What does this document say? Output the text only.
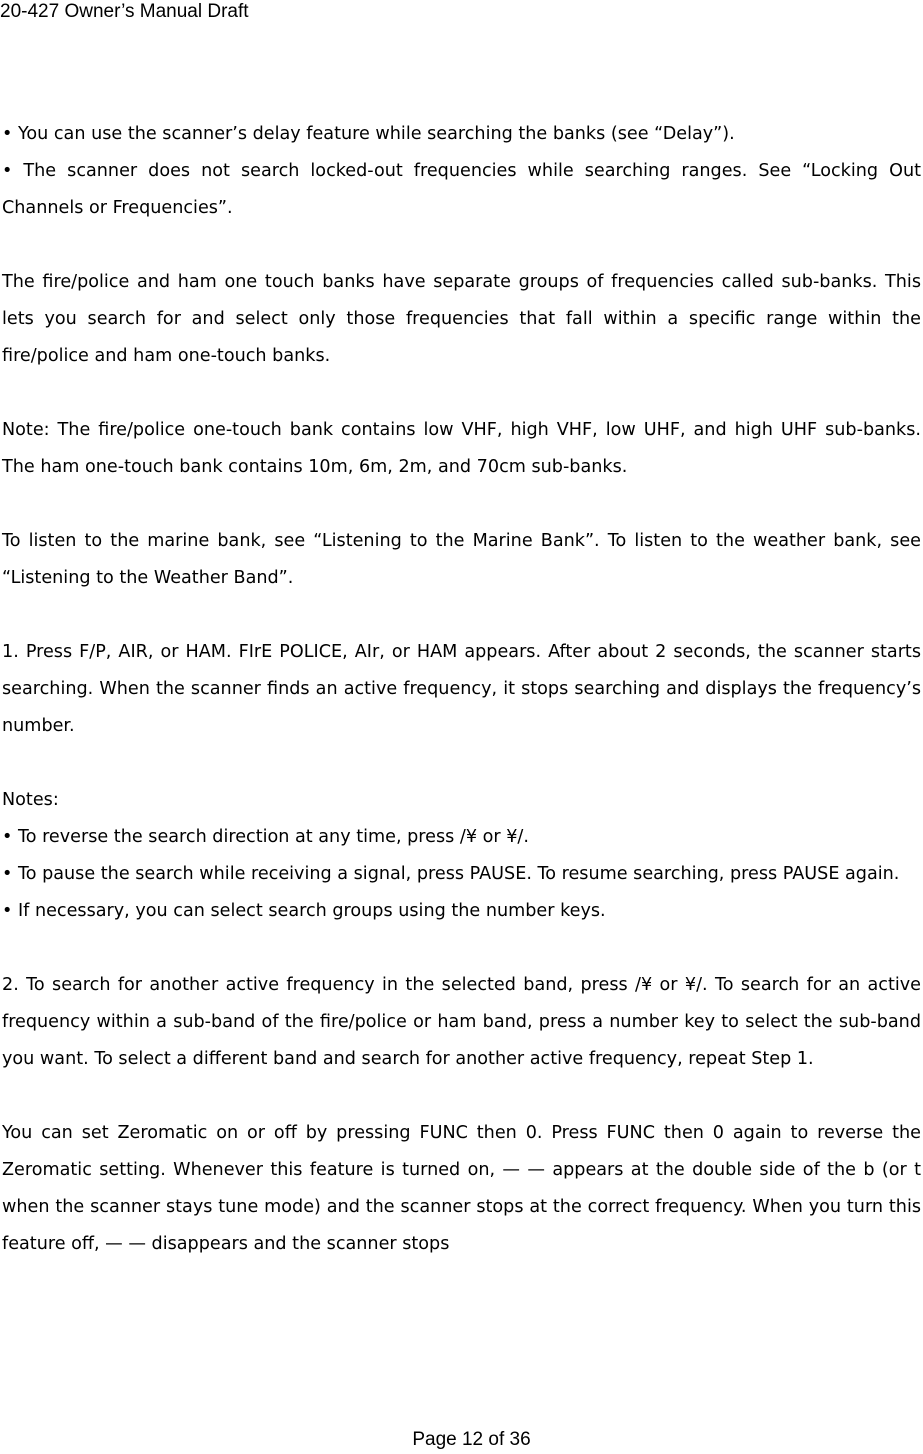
20-427 Owner’s Manual Draft

• You can use the scanner’s delay feature while searching the banks (see “Delay”).

• The scanner does not search locked-out frequencies while searching ranges. See “Locking Out Channels or Frequencies”.

The fire/police and ham one touch banks have separate groups of frequencies called sub-banks. This lets you search for and select only those frequencies that fall within a specific range within the fire/police and ham one-touch banks.

Note: The fire/police one-touch bank contains low VHF, high VHF, low UHF, and high UHF sub-banks. The ham one-touch bank contains 10m, 6m, 2m, and 70cm sub-banks.

To listen to the marine bank, see “Listening to the Marine Bank”. To listen to the weather bank, see “Listening to the Weather Band”.

1. Press F/P, AIR, or HAM. FIrE POLICE, AIr, or HAM appears. After about 2 seconds, the scanner starts searching. When the scanner finds an active frequency, it stops searching and displays the frequency’s number.

Notes:

• To reverse the search direction at any time, press /¥ or ¥/.

• To pause the search while receiving a signal, press PAUSE. To resume searching, press PAUSE again.

• If necessary, you can select search groups using the number keys.

2. To search for another active frequency in the selected band, press /¥ or ¥/. To search for an active frequency within a sub-band of the fire/police or ham band, press a number key to select the sub-band you want. To select a different band and search for another active frequency, repeat Step 1.

You can set Zeromatic on or off by pressing FUNC then 0. Press FUNC then 0 again to reverse the Zeromatic setting. Whenever this feature is turned on, — — appears at the double side of the b (or t when the scanner stays tune mode) and the scanner stops at the correct frequency. When you turn this feature off, — — disappears and the scanner stops

Page 12 of 36
